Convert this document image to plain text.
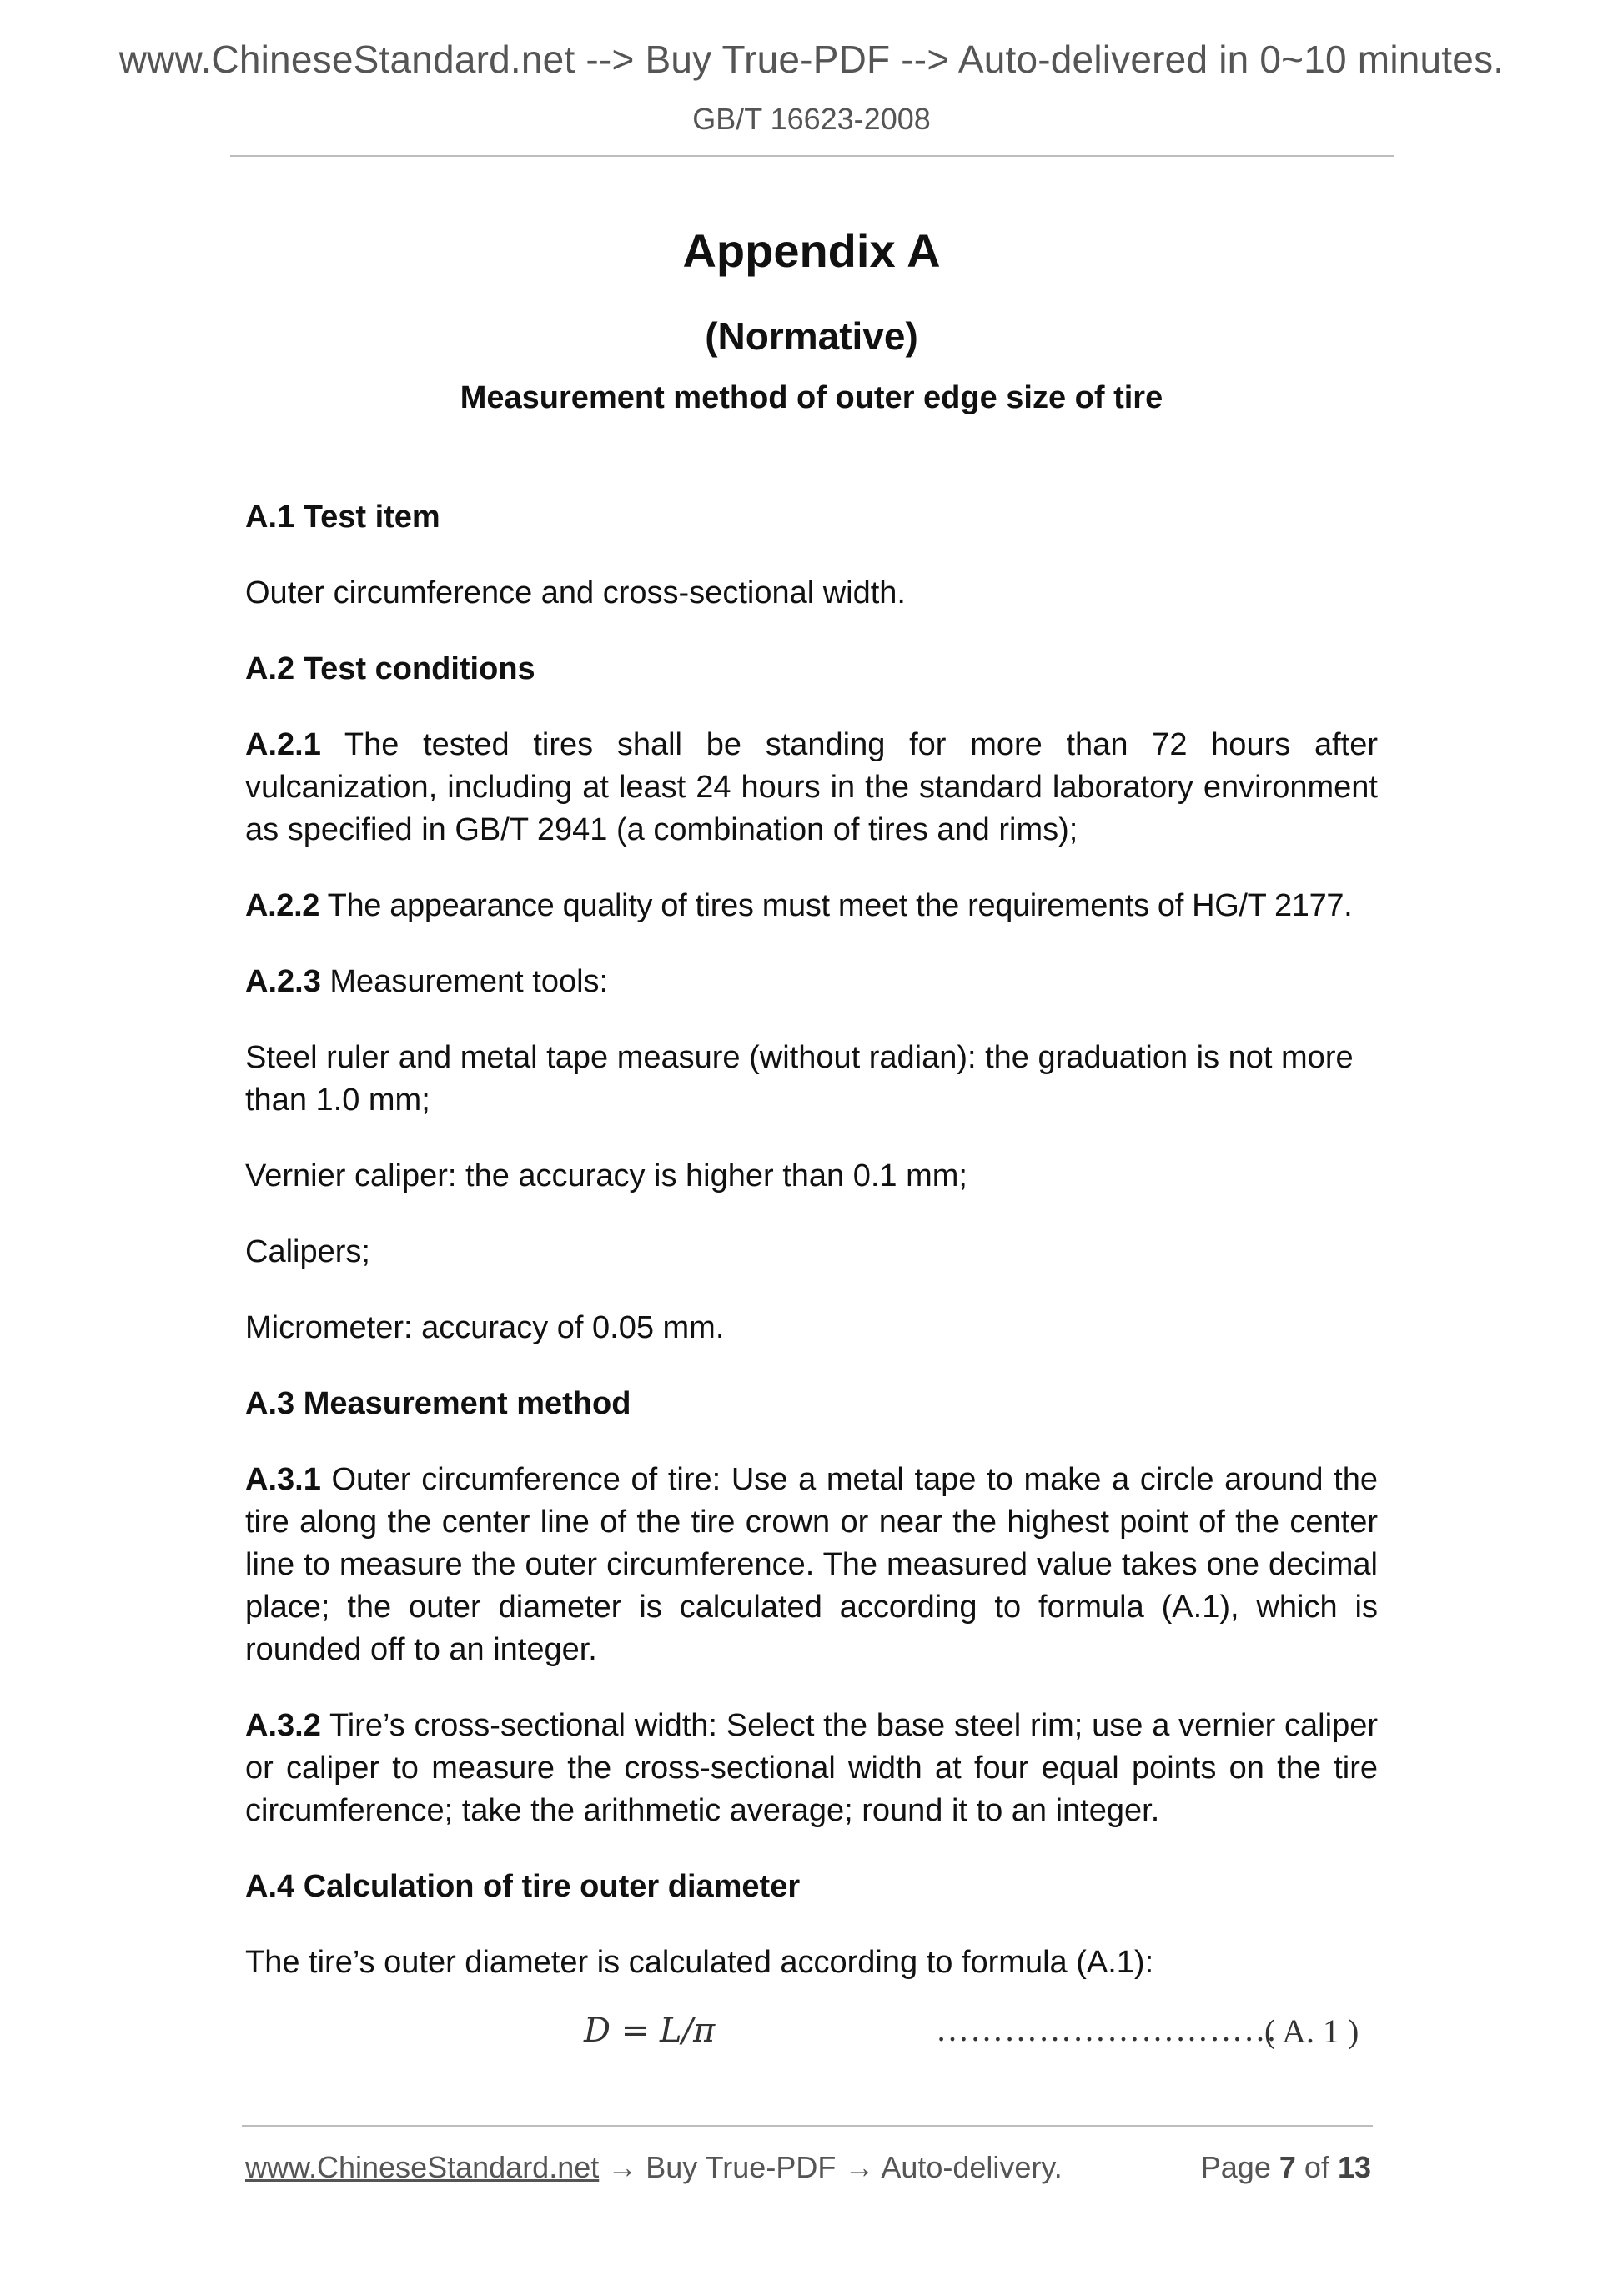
www.ChineseStandard.net --> Buy True-PDF --> Auto-delivered in 0~10 minutes.
GB/T 16623-2008
Appendix A
(Normative)
Measurement method of outer edge size of tire

A.1 Test item

Outer circumference and cross-sectional width.

A.2 Test conditions

A.2.1 The tested tires shall be standing for more than 72 hours after vulcanization, including at least 24 hours in the standard laboratory environment as specified in GB/T 2941 (a combination of tires and rims);

A.2.2 The appearance quality of tires must meet the requirements of HG/T 2177.

A.2.3 Measurement tools:

Steel ruler and metal tape measure (without radian): the graduation is not more than 1.0 mm;

Vernier caliper: the accuracy is higher than 0.1 mm;

Calipers;

Micrometer: accuracy of 0.05 mm.

A.3 Measurement method

A.3.1 Outer circumference of tire: Use a metal tape to make a circle around the tire along the center line of the tire crown or near the highest point of the center line to measure the outer circumference. The measured value takes one decimal place; the outer diameter is calculated according to formula (A.1), which is rounded off to an integer.

A.3.2 Tire’s cross-sectional width: Select the base steel rim; use a vernier caliper or caliper to measure the cross-sectional width at four equal points on the tire circumference; take the arithmetic average; round it to an integer.

A.4 Calculation of tire outer diameter

The tire’s outer diameter is calculated according to formula (A.1):

D = L/π	…………………………
( A. 1 )
www.ChineseStandard.net → Buy True-PDF → Auto-delivery.	Page 7 of 13
